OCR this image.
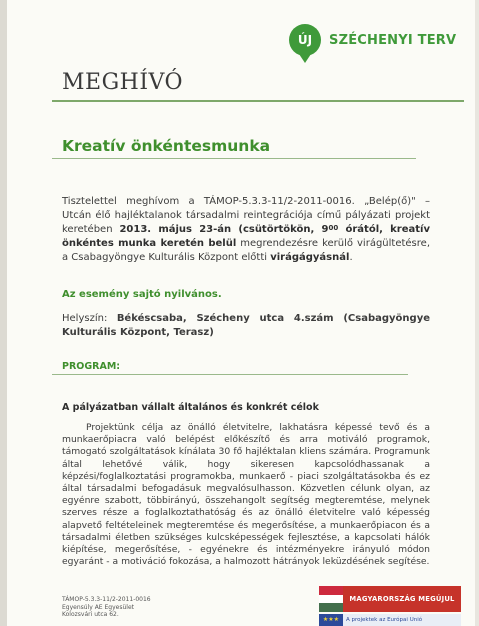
ÚJ SZÉCHENYI TERV
MEGHÍVÓ
Kreatív önkéntesmunka
Tisztelettel meghívom a TÁMOP-5.3.3-11/2-2011-0016. „Belép(ő)" – Utcán élő hajléktalanok társadalmi reintegrációja című pályázati projekt keretében 2013. május 23-án (csütörtökön, $9^{00}$ órától, kreatív önkéntes munka keretén belül megrendezésre kerülő virágültetésre, a Csabagyöngye Kulturális Központ előtti virágágyásnál.
Az esemény sajtó nyilvános.
Helyszín: Békéscsaba, Szécheny utca 4.szám (Csabagyöngye Kulturális Központ, Terasz)
PROGRAM:
A pályázatban vállalt általános és konkrét célok
Projektünk célja az önálló életvitelre, lakhatásra képessé tevő és a munkaerőpiacra való belépést előkészítő és arra motiváló programok, támogató szolgáltatások kínálata 30 fő hajléktalan kliens számára. Programunk által lehetővé válik, hogy sikeresen kapcsolódhassanak a képzési/foglalkoztatási programokba, munkaerő - piaci szolgáltatásokba és ez által társadalmi befogadásuk megvalósulhasson. Közvetlen célunk olyan, az egyénre szabott, többirányú, összehangolt segítség megteremtése, melynek szerves része a foglalkoztathatóság és az önálló életvitelre való képesség alapvető feltételeinek megteremtése és megerősítése, a munkaerőpiacon és a társadalmi életben szükséges kulcsképességek fejlesztése, a kapcsolati hálók kiépítése, megerősítése, - egyénekre és intézményekre irányuló módon egyaránt - a motiváció fokozása, a halmozott hátrányok leküzdésének segítése.
TÁMOP-5.3.3-11/2-2011-0016
Egyensúly AE Egyesület
Kolozsvári utca 62.
MAGYARORSZÁG MEGÚJUL
★★★	A projektek az Európai Unió
